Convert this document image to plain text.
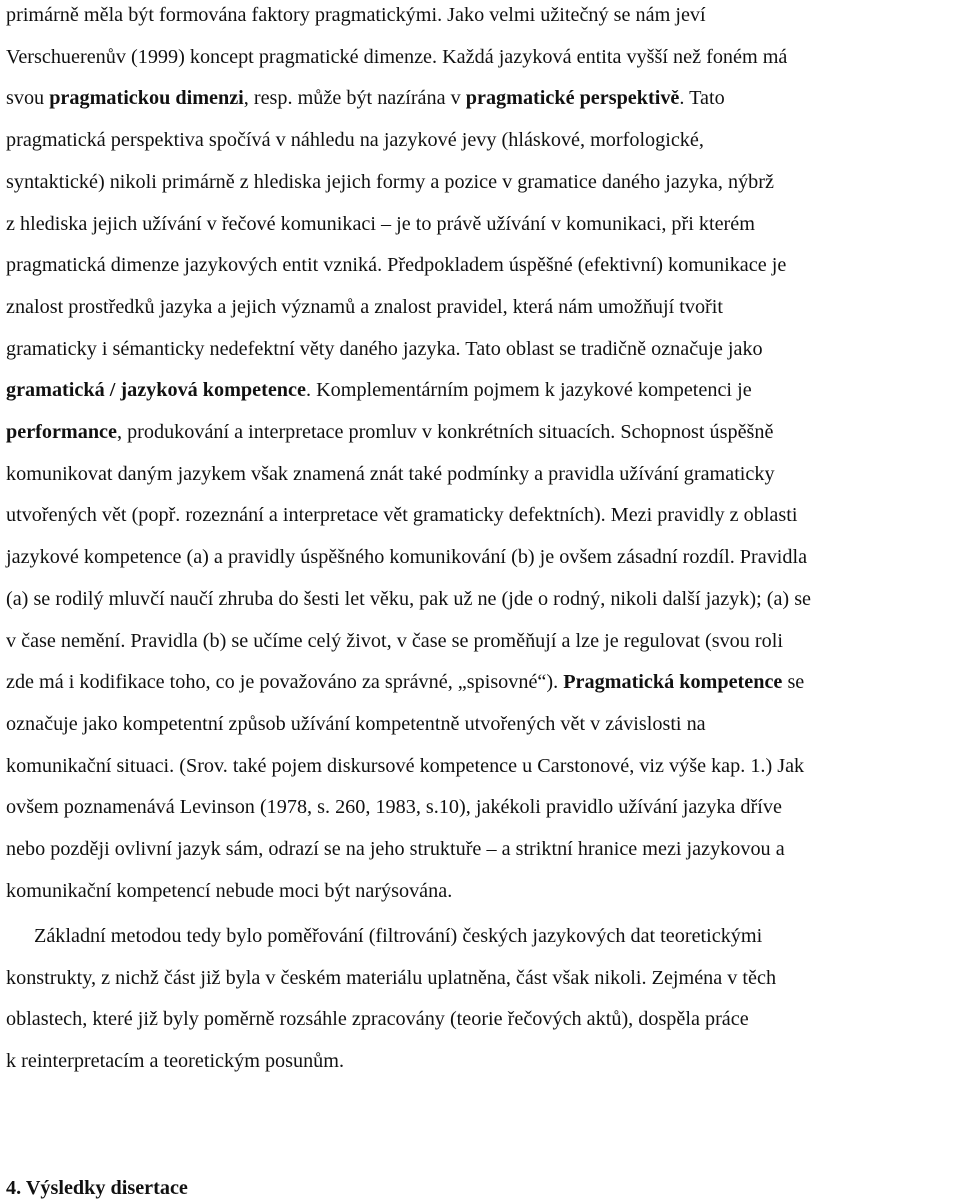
primárně měla být formována faktory pragmatickými. Jako velmi užitečný se nám jeví
Verschuerenův (1999) koncept pragmatické dimenze. Každá jazyková entita vyšší než foném má
svou pragmatickou dimenzi, resp. může být nazírána v pragmatické perspektivě. Tato
pragmatická perspektiva spočívá v náhledu na jazykové jevy (hláskové, morfologické,
syntaktické) nikoli primárně z hlediska jejich formy a pozice v gramatice daného jazyka, nýbrž
z hlediska jejich užívání v řečové komunikaci – je to právě užívání v komunikaci, při kterém
pragmatická dimenze jazykových entit vzniká. Předpokladem úspěšné (efektivní) komunikace je
znalost prostředků jazyka a jejich významů a znalost pravidel, která nám umožňují tvořit
gramaticky i sémanticky nedefektní věty daného jazyka. Tato oblast se tradičně označuje jako
gramatická / jazyková kompetence. Komplementárním pojmem k jazykové kompetenci je
performance, produkování a interpretace promluv v konkrétních situacích. Schopnost úspěšně
komunikovat daným jazykem však znamená znát také podmínky a pravidla užívání gramaticky
utvořených vět (popř. rozeznání a interpretace vět gramaticky defektních). Mezi pravidly z oblasti
jazykové kompetence (a) a pravidly úspěšného komunikování (b) je ovšem zásadní rozdíl. Pravidla
(a) se rodilý mluvčí naučí zhruba do šesti let věku, pak už ne (jde o rodný, nikoli další jazyk); (a) se
v čase nemění. Pravidla (b) se učíme celý život, v čase se proměňují a lze je regulovat (svou roli
zde má i kodifikace toho, co je považováno za správné, „spisovné“). Pragmatická kompetence se
označuje jako kompetentní způsob užívání kompetentně utvořených vět v závislosti na
komunikační situaci. (Srov. také pojem diskursové kompetence u Carstonové, viz výše kap. 1.) Jak
ovšem poznamenává Levinson (1978, s. 260, 1983, s.10), jakékoli pravidlo užívání jazyka dříve
nebo později ovlivní jazyk sám, odrazí se na jeho struktuře – a striktní hranice mezi jazykovou a
komunikační kompetencí nebude moci být narýsována.
Základní metodou tedy bylo poměřování (filtrování) českých jazykových dat teoretickými
konstrukty, z nichž část již byla v českém materiálu uplatněna, část však nikoli. Zejména v těch
oblastech, které již byly poměrně rozsáhle zpracovány (teorie řečových aktů), dospěla práce
k reinterpretacím a teoretickým posunům.
4. Výsledky disertace
